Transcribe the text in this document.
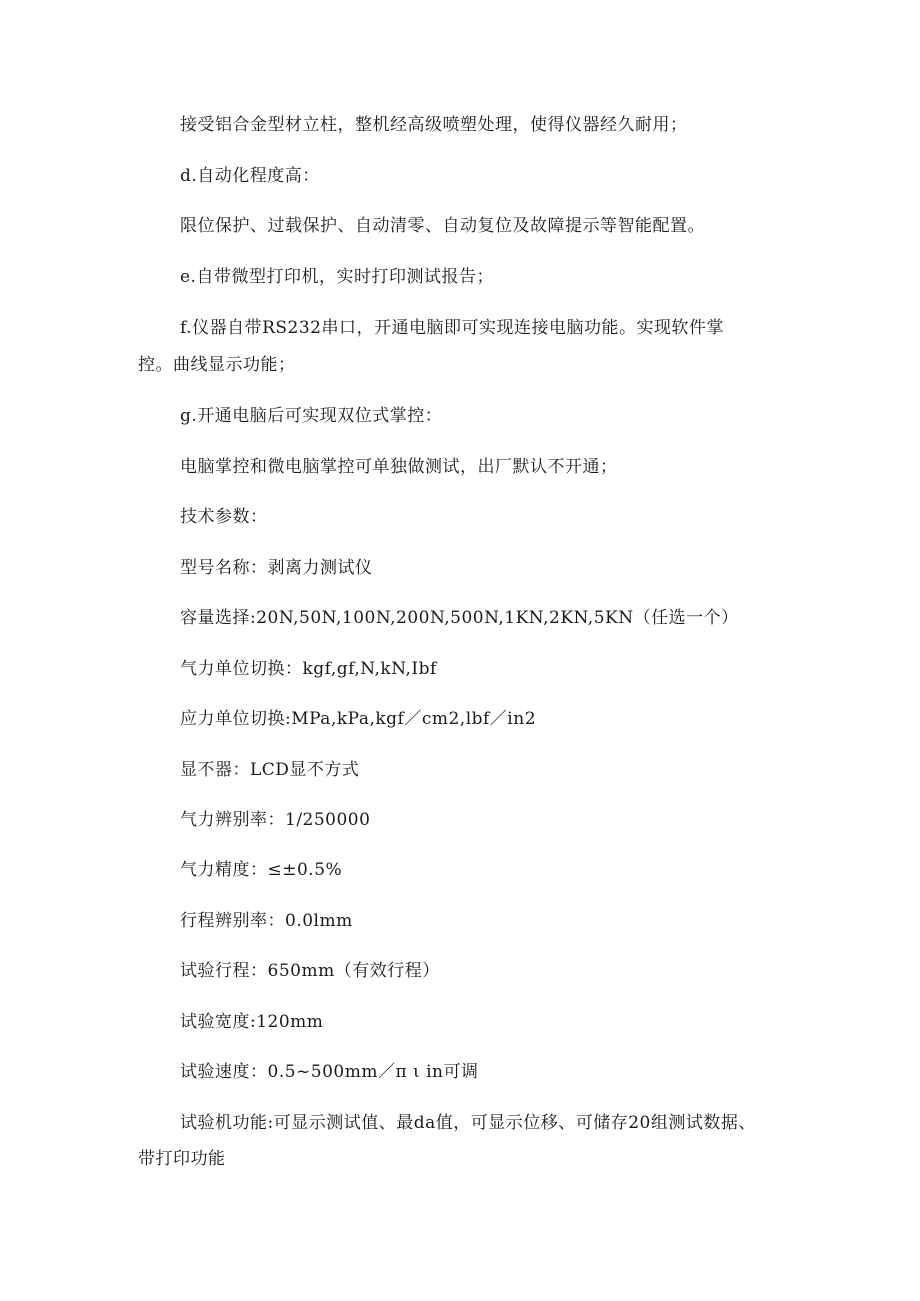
接受铝合金型材立柱，整机经高级喷塑处理，使得仪器经久耐用；
d.自动化程度高：
限位保护、过载保护、自动清零、自动复位及故障提示等智能配置。
e.自带微型打印机，实时打印测试报告；
f.仪器自带RS232串口，开通电脑即可实现连接电脑功能。实现软件掌
控。曲线显示功能；
g.开通电脑后可实现双位式掌控：
电脑掌控和微电脑掌控可单独做测试，出厂默认不开通；
技术参数：
型号名称：剥离力测试仪
容量选择:20N,50N,100N,200N,500N,1KN,2KN,5KN（任选一个）
气力单位切换：kgf,gf,N,kN,Ibf
应力单位切换:MPa,kPa,kgf／cm2,lbf／in2
显不器：LCD显不方式
气力辨别率：1/250000
气力精度：≤±0.5%
行程辨别率：0.0lmm
试验行程：650mm（有效行程）
试验宽度:120mm
试验速度：0.5~500mm／π ι in可调
试验机功能:可显示测试值、最da值，可显示位移、可储存20组测试数据、
带打印功能
